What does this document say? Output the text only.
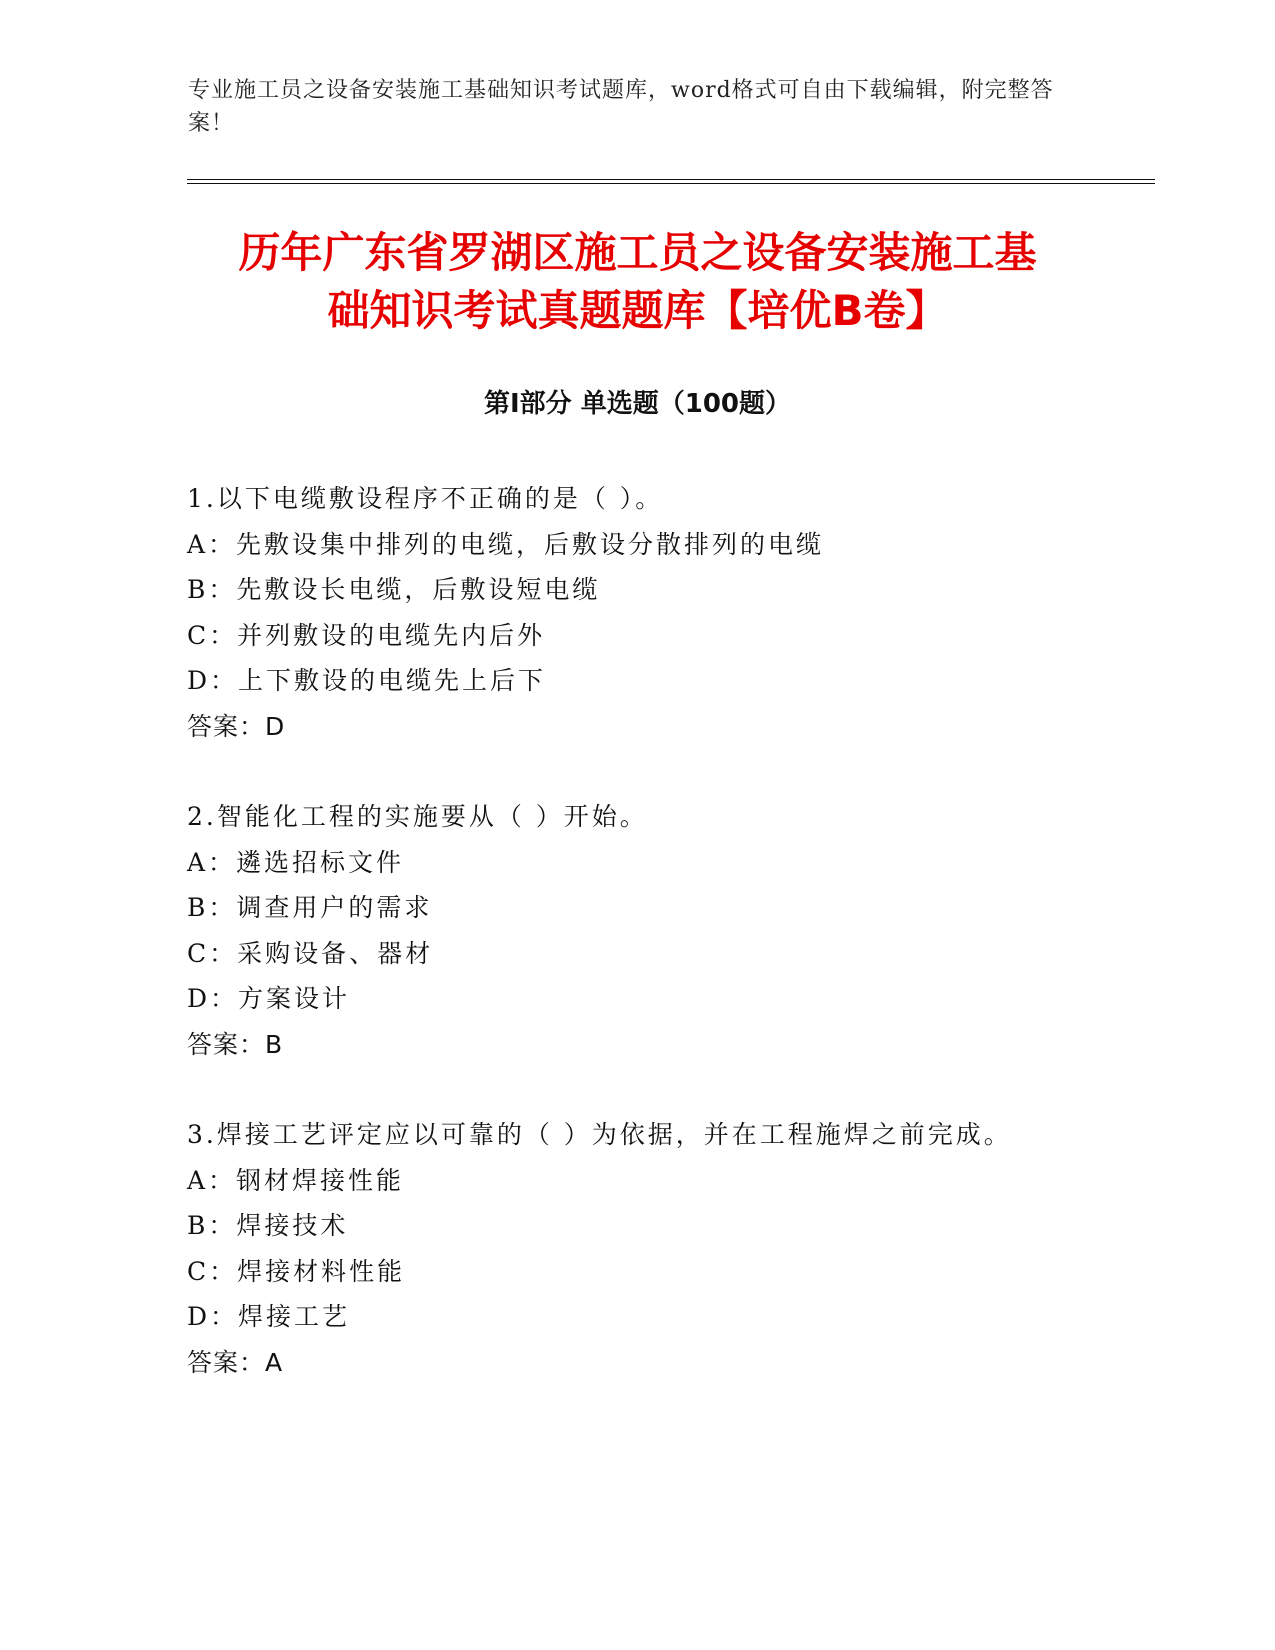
专业施工员之设备安装施工基础知识考试题库，word格式可自由下载编辑，附完整答案！
历年广东省罗湖区施工员之设备安装施工基
础知识考试真题题库【培优B卷】
第I部分 单选题（100题）
1.以下电缆敷设程序不正确的是（ ）。
A：先敷设集中排列的电缆，后敷设分散排列的电缆
B：先敷设长电缆，后敷设短电缆
C：并列敷设的电缆先内后外
D：上下敷设的电缆先上后下
答案：D
2.智能化工程的实施要从（ ）开始。
A：遴选招标文件
B：调查用户的需求
C：采购设备、器材
D：方案设计
答案：B
3.焊接工艺评定应以可靠的（ ）为依据，并在工程施焊之前完成。
A：钢材焊接性能
B：焊接技术
C：焊接材料性能
D：焊接工艺
答案：A
